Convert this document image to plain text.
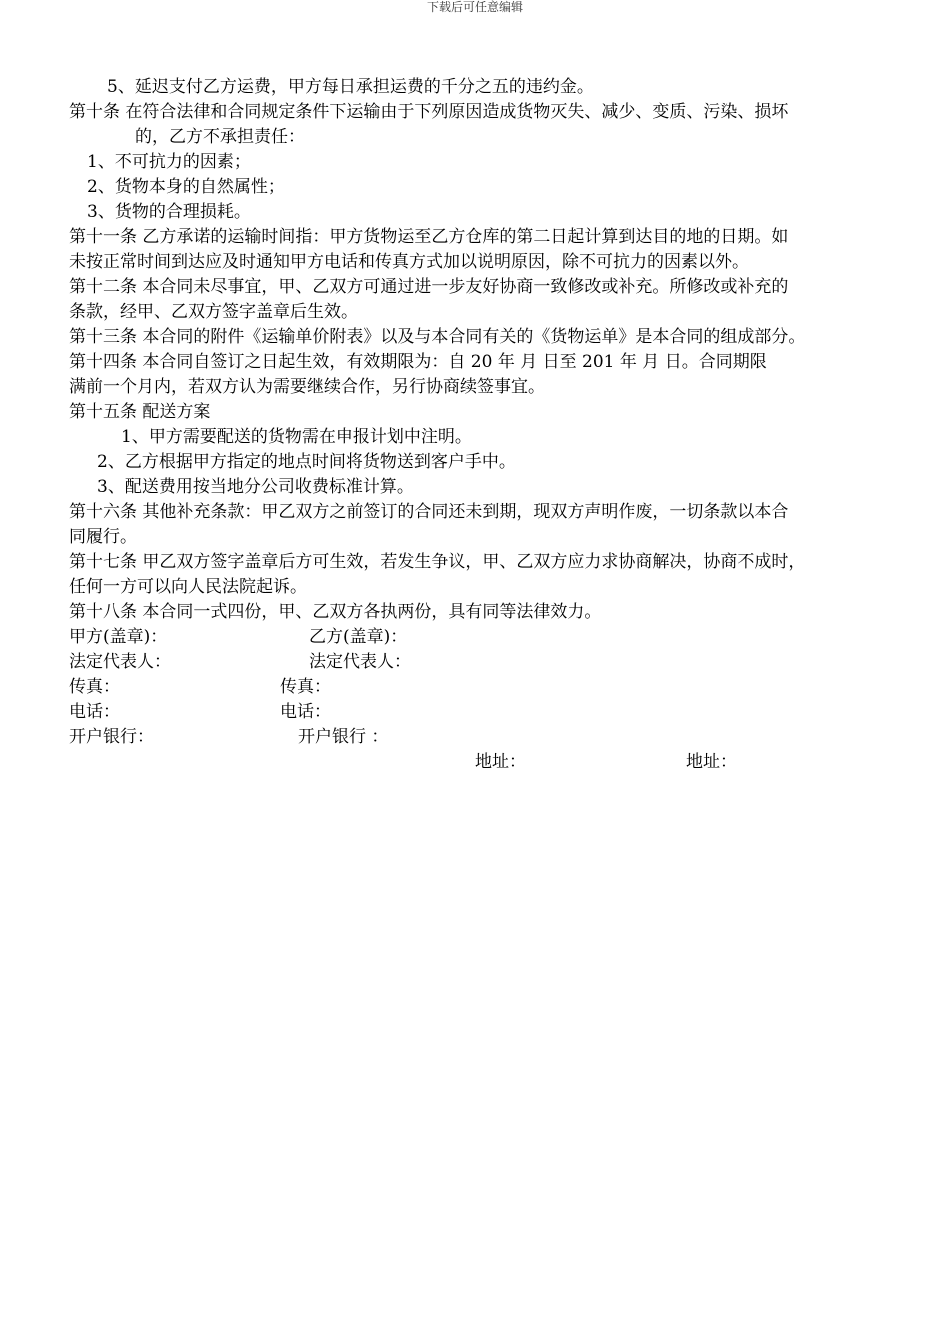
下载后可任意编辑
5、延迟支付乙方运费，甲方每日承担运费的千分之五的违约金。
第十条 在符合法律和合同规定条件下运输由于下列原因造成货物灭失、减少、变质、污染、损坏
的，乙方不承担责任：
1、不可抗力的因素；
2、货物本身的自然属性；
3、货物的合理损耗。
第十一条 乙方承诺的运输时间指：甲方货物运至乙方仓库的第二日起计算到达目的地的日期。如
未按正常时间到达应及时通知甲方电话和传真方式加以说明原因，除不可抗力的因素以外。
第十二条 本合同未尽事宜，甲、乙双方可通过进一步友好协商一致修改或补充。所修改或补充的
条款，经甲、乙双方签字盖章后生效。
第十三条 本合同的附件《运输单价附表》以及与本合同有关的《货物运单》是本合同的组成部分。
第十四条 本合同自签订之日起生效，有效期限为：自 20 年 月 日至 201 年 月 日。合同期限
满前一个月内，若双方认为需要继续合作，另行协商续签事宜。
第十五条 配送方案
1、甲方需要配送的货物需在申报计划中注明。
2、乙方根据甲方指定的地点时间将货物送到客户手中。
3、配送费用按当地分公司收费标准计算。
第十六条 其他补充条款：甲乙双方之前签订的合同还未到期，现双方声明作废，一切条款以本合
同履行。
第十七条 甲乙双方签字盖章后方可生效，若发生争议，甲、乙双方应力求协商解决，协商不成时，
任何一方可以向人民法院起诉。
第十八条 本合同一式四份，甲、乙双方各执两份，具有同等法律效力。
甲方(盖章)：	乙方(盖章)：
法定代表人：	法定代表人：
传真：	传真：
电话：	电话：
开户银行：	开户银行 ：
地址：	地址：
